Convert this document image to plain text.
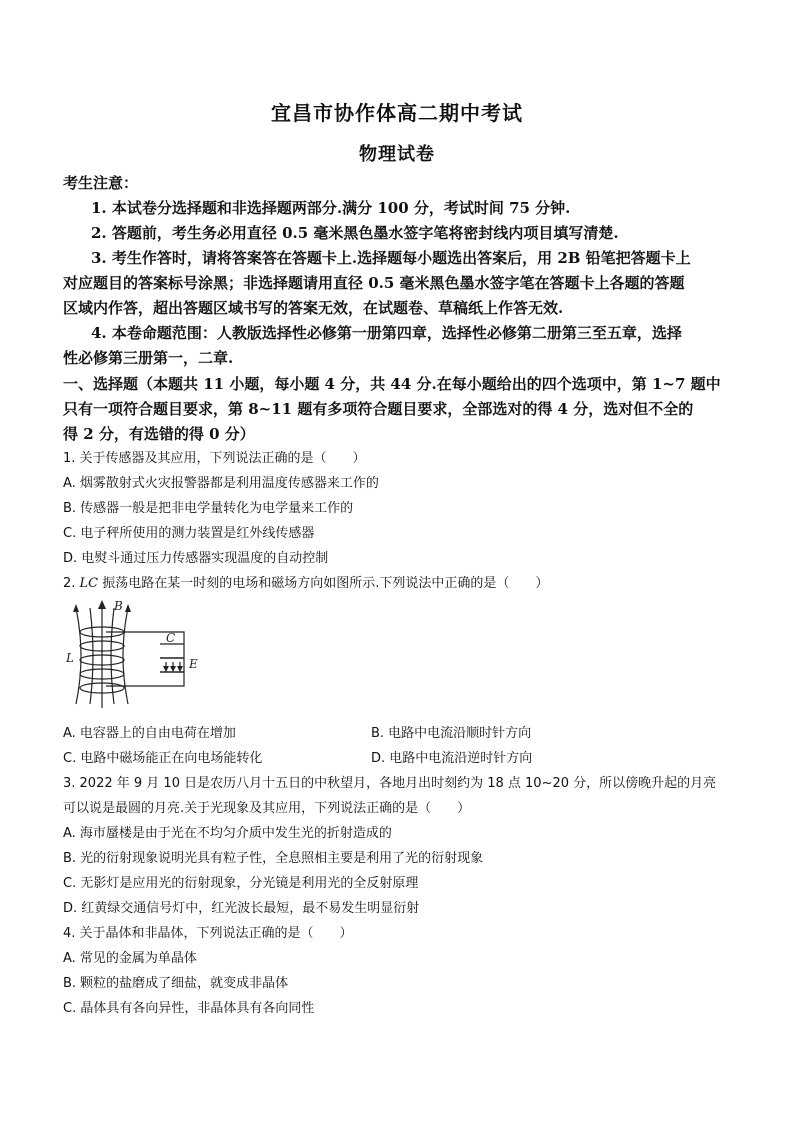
宜昌市协作体高二期中考试
物理试卷
考生注意：
1. 本试卷分选择题和非选择题两部分.满分 100 分，考试时间 75 分钟.
2. 答题前，考生务必用直径 0.5 毫米黑色墨水签字笔将密封线内项目填写清楚.
3. 考生作答时，请将答案答在答题卡上.选择题每小题选出答案后，用 2B 铅笔把答题卡上
对应题目的答案标号涂黑；非选择题请用直径 0.5 毫米黑色墨水签字笔在答题卡上各题的答题
区域内作答，超出答题区域书写的答案无效，在试题卷、草稿纸上作答无效.
4. 本卷命题范围：人教版选择性必修第一册第四章，选择性必修第二册第三至五章，选择
性必修第三册第一，二章.
一、选择题（本题共 11 小题，每小题 4 分，共 44 分.在每小题给出的四个选项中，第 1~7 题中
只有一项符合题目要求，第 8~11 题有多项符合题目要求，全部选对的得 4 分，选对但不全的
得 2 分，有选错的得 0 分）
1. 关于传感器及其应用，下列说法正确的是（　　）
A. 烟雾散射式火灾报警器都是利用温度传感器来工作的
B. 传感器一般是把非电学量转化为电学量来工作的
C. 电子秤所使用的测力装置是红外线传感器
D. 电熨斗通过压力传感器实现温度的自动控制
2. LC 振荡电路在某一时刻的电场和磁场方向如图所示.下列说法中正确的是（　　）
B
L
C
E
A. 电容器上的自由电荷在增加	B. 电路中电流沿顺时针方向
C. 电路中磁场能正在向电场能转化	D. 电路中电流沿逆时针方向
3. 2022 年 9 月 10 日是农历八月十五日的中秋望月，各地月出时刻约为 18 点 10~20 分，所以傍晚升起的月亮
可以说是最圆的月亮.关于光现象及其应用，下列说法正确的是（　　）
A. 海市蜃楼是由于光在不均匀介质中发生光的折射造成的
B. 光的衍射现象说明光具有粒子性，全息照相主要是利用了光的衍射现象
C. 无影灯是应用光的衍射现象，分光镜是利用光的全反射原理
D. 红黄绿交通信号灯中，红光波长最短，最不易发生明显衍射
4. 关于晶体和非晶体，下列说法正确的是（　　）
A. 常见的金属为单晶体
B. 颗粒的盐磨成了细盐，就变成非晶体
C. 晶体具有各向异性，非晶体具有各向同性
